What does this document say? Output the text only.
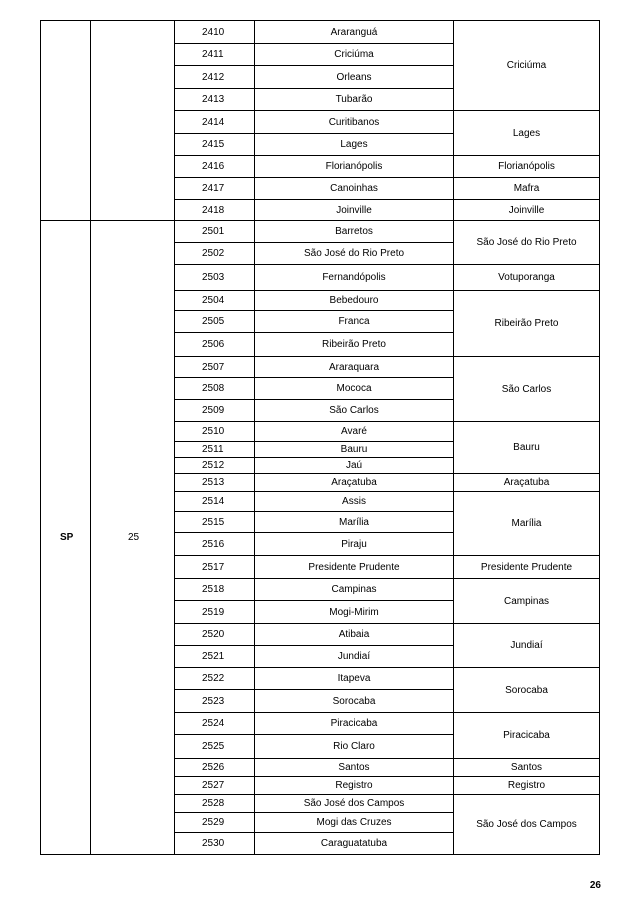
		2410	Araranguá	Criciúma
		2411	Criciúma	
		2412	Orleans	
		2413	Tubarão	
		2414	Curitibanos	Lages
		2415	Lages	
		2416	Florianópolis	Florianópolis
		2417	Canoinhas	Mafra
		2418	Joinville	Joinville
SP	25	2501	Barretos	São José do Rio Preto
		2502	São José do Rio Preto	
		2503	Fernandópolis	Votuporanga
		2504	Bebedouro	Ribeirão Preto
		2505	Franca	
		2506	Ribeirão Preto	
		2507	Araraquara	São Carlos
		2508	Mococa	
		2509	São Carlos	
		2510	Avaré	Bauru
		2511	Bauru	
		2512	Jaú	
		2513	Araçatuba	Araçatuba
		2514	Assis	Marília
		2515	Marília	
		2516	Piraju	
		2517	Presidente Prudente	Presidente Prudente
		2518	Campinas	Campinas
		2519	Mogi-Mirim	
		2520	Atibaia	Jundiaí
		2521	Jundiaí	
		2522	Itapeva	Sorocaba
		2523	Sorocaba	
		2524	Piracicaba	Piracicaba
		2525	Rio Claro	
		2526	Santos	Santos
		2527	Registro	Registro
		2528	São José dos Campos	São José dos Campos
		2529	Mogi das Cruzes	
		2530	Caraguatatuba	
26
